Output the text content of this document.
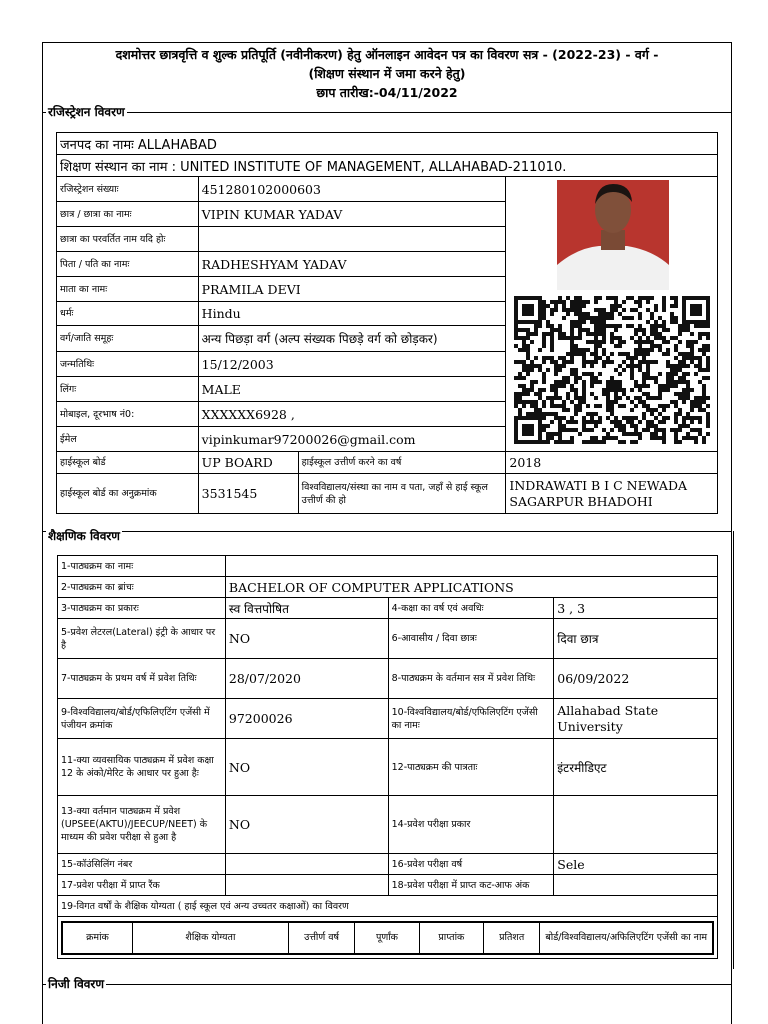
दशमोत्तर छात्रवृत्ति व शुल्क प्रतिपूर्ति (नवीनीकरण) हेतु ऑनलाइन आवेदन पत्र का विवरण सत्र - (2022-23) - वर्ग -
(शिक्षण संस्थान में जमा करने हेतु)
छाप तारीख:-04/11/2022
रजिस्ट्रेशन विवरण
जनपद का नामः ALLAHABAD			
शिक्षण संस्थान का नाम : UNITED INSTITUTE OF MANAGEMENT, ALLAHABAD-211010.			
रजिस्ट्रेशन संख्याः	451280102000603		
छात्र / छात्रा का नामः	VIPIN KUMAR YADAV		
छात्रा का परवर्तित नाम यदि होः			
पिता / पति का नामः	RADHESHYAM YADAV		
माता का नामः	PRAMILA DEVI		
धर्मः	Hindu		
वर्ग/जाति समूहः	अन्य पिछड़ा वर्ग (अल्प संख्यक पिछड़े वर्ग को छोड़कर)		
जन्मतिथिः	15/12/2003		
लिंगः	MALE		
मोबाइल, दूरभाष नं0:	XXXXXX6928 ,		
ईमेल	vipinkumar97200026@gmail.com		
हाईस्कूल बोर्ड	UP BOARD	हाईस्कूल उत्तीर्ण करने का वर्ष	2018
हाईस्कूल बोर्ड का अनुक्रमांक	3531545	विश्वविद्यालय/संस्था का नाम व पता, जहाँ से हाई स्कूल उत्तीर्ण की हो	INDRAWATI B I C NEWADA SAGARPUR BHADOHI
शैक्षणिक विवरण
1-पाठ्यक्रम का नामः	
2-पाठ्यक्रम का ब्रांचः	BACHELOR OF COMPUTER APPLICATIONS
3-पाठ्यक्रम का प्रकारः	स्व वित्तपोषित	4-कक्षा का वर्ष एवं अवधिः	3 , 3
5-प्रवेश लेटरल(Lateral) इंट्री के आधार पर है	NO	6-आवासीय / दिवा छात्रः	दिवा छात्र
7-पाठ्यक्रम के प्रथम वर्ष में प्रवेश तिथिः	28/07/2020	8-पाठ्यक्रम के वर्तमान सत्र में प्रवेश तिथिः	06/09/2022
9-विश्वविद्यालय/बोर्ड/एफिलिएटिंग एजेंसी में पंजीयन क्रमांक	97200026	10-विश्वविद्यालय/बोर्ड/एफिलिएटिंग एजेंसी का नामः	Allahabad State University
11-क्या व्यवसायिक पाठ्यक्रम में प्रवेश कक्षा 12 के अंको/मेरिट के आधार पर हुआ हैः	NO	12-पाठ्यक्रम की पात्रताः	इंटरमीडिएट
13-क्या वर्तमान पाठ्यक्रम में प्रवेश (UPSEE(AKTU)/JEECUP/NEET) के माध्यम की प्रवेश परीक्षा से हुआ है	NO	14-प्रवेश परीक्षा प्रकार	
15-कॉउंसिलिंग नंबर		16-प्रवेश परीक्षा वर्ष	Sele
17-प्रवेश परीक्षा में प्राप्त रैंक		18-प्रवेश परीक्षा में प्राप्त कट-आफ अंक	
19-विगत वर्षों के शैक्षिक योग्यता ( हाई स्कूल एवं अन्य उच्चतर कक्षाओं) का विवरण

क्रमांक	शैक्षिक योग्यता	उत्तीर्ण वर्ष	पूर्णांक	प्राप्तांक	प्रतिशत	बोर्ड/विश्वविद्यालय/अफिलिएटिंग एजेंसी का नाम
निजी विवरण
